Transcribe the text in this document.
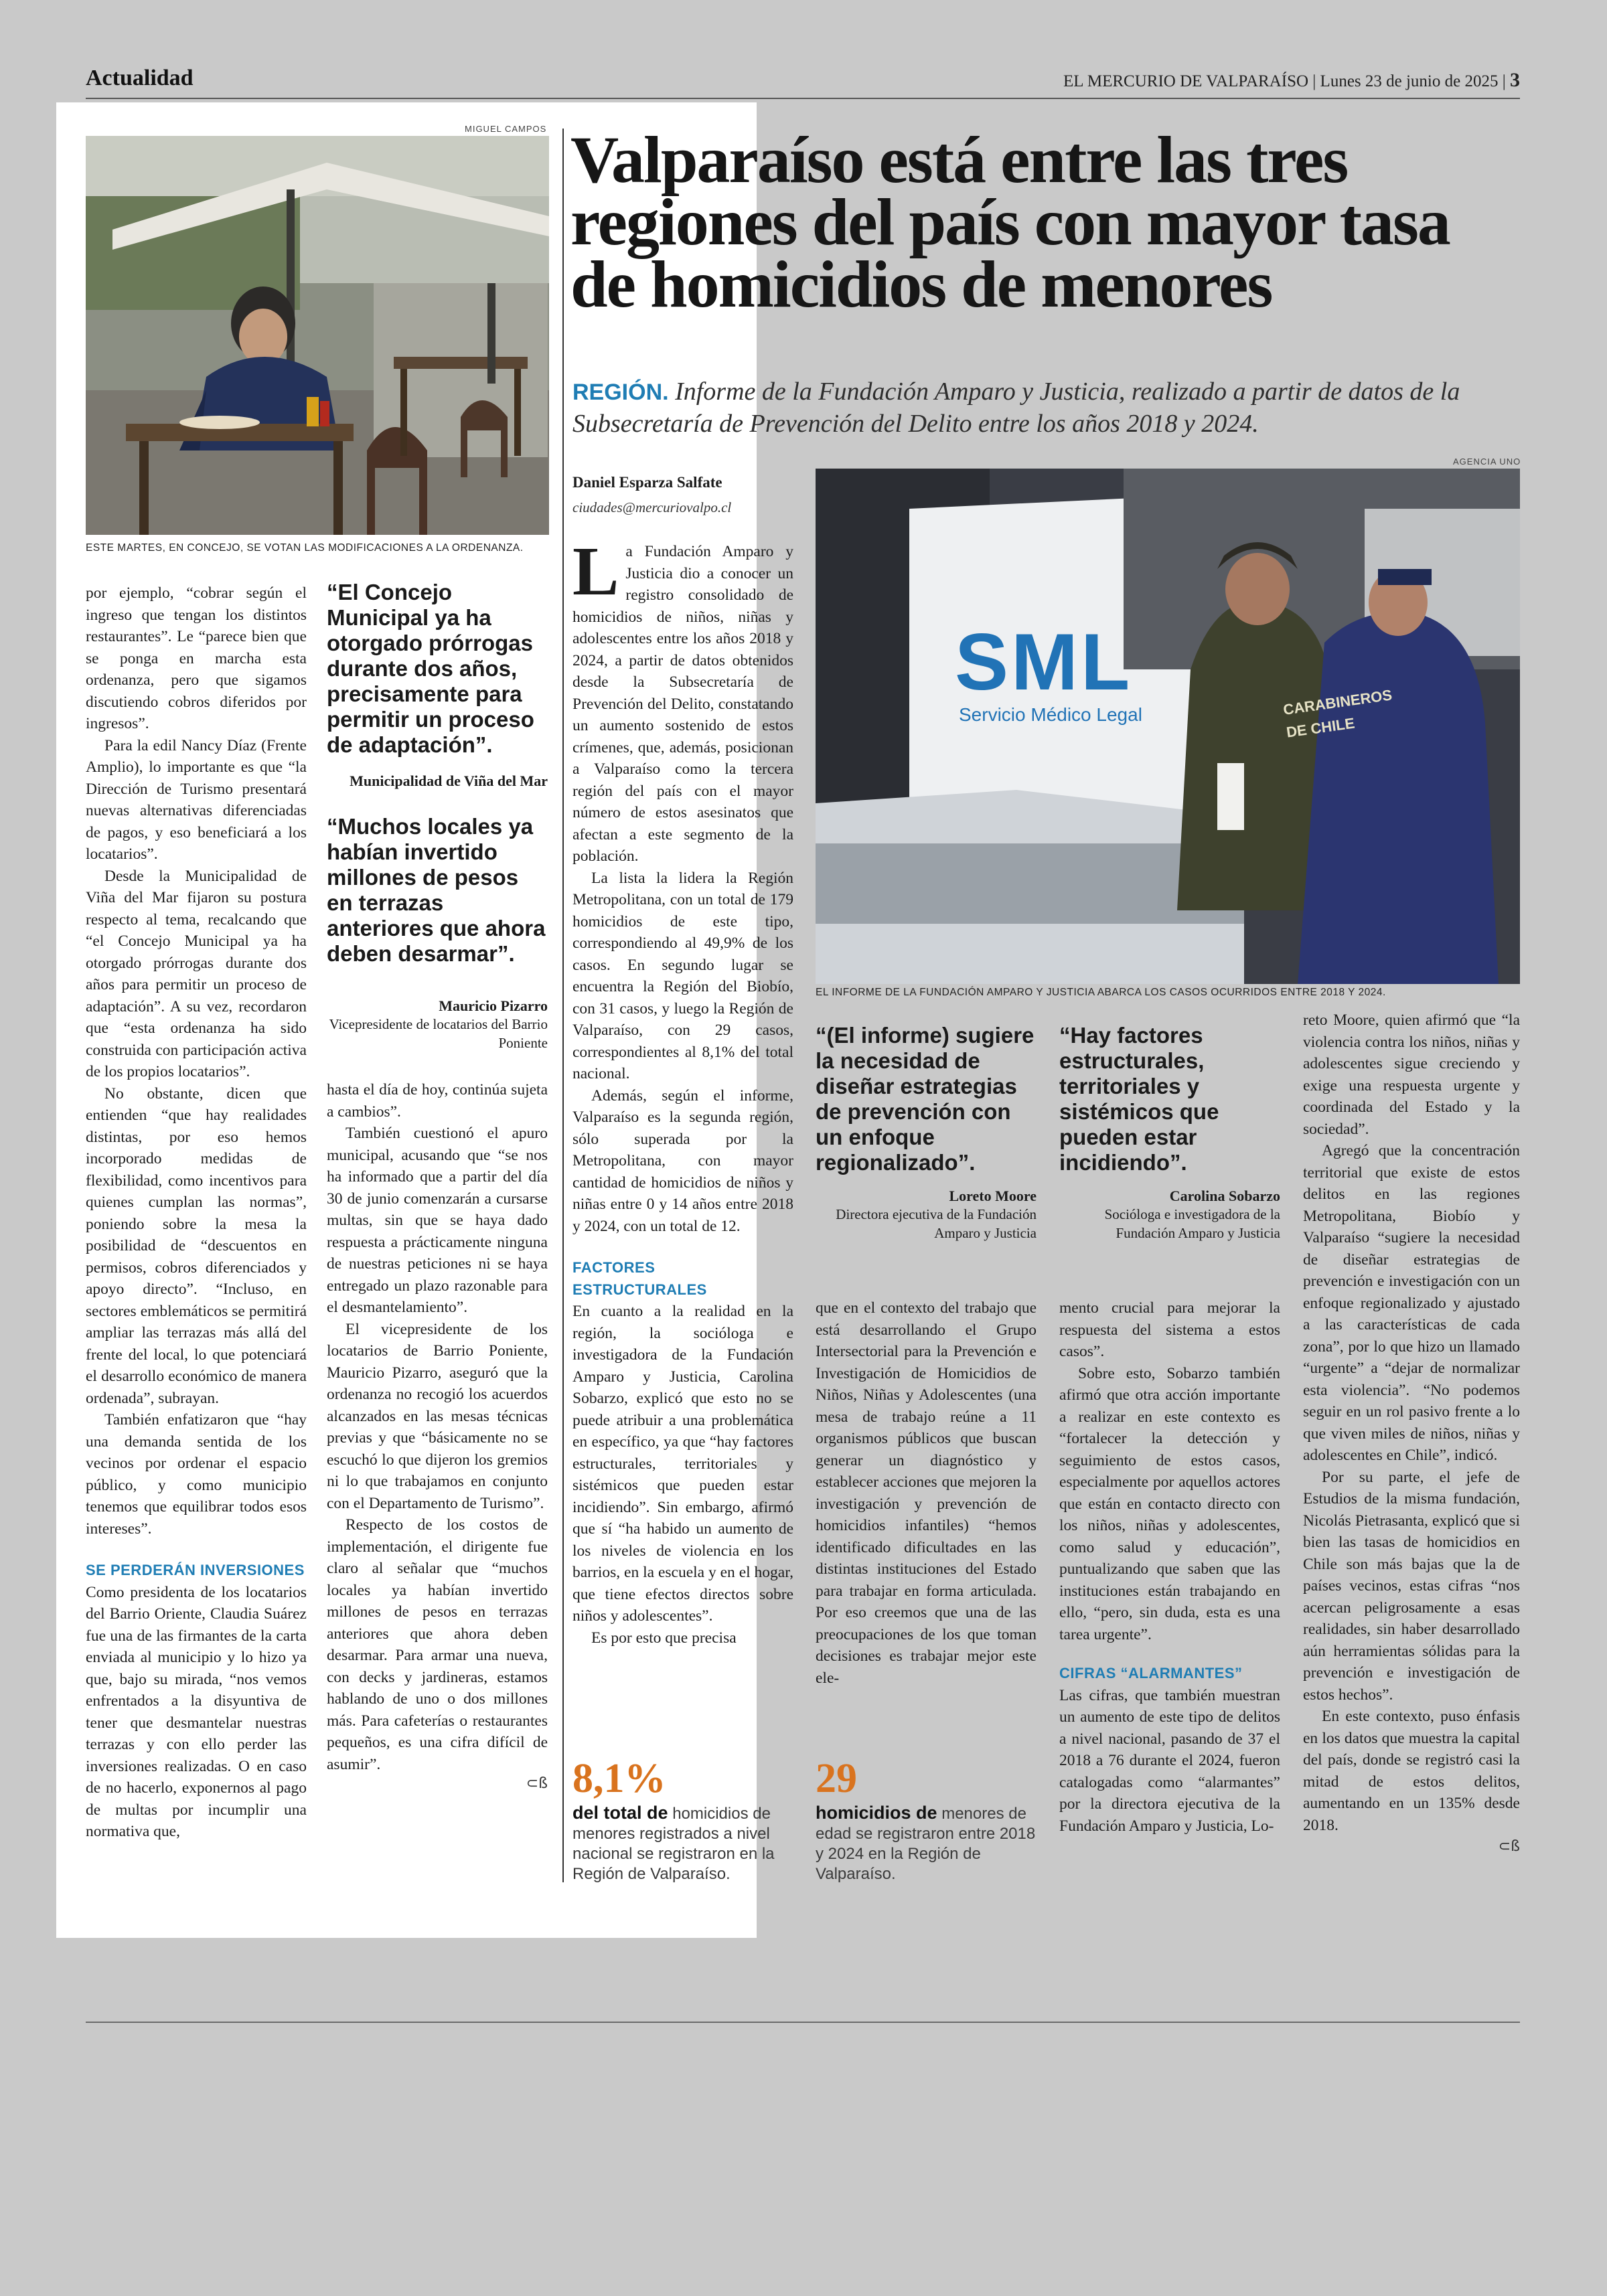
Actualidad	EL MERCURIO DE VALPARAÍSO | Lunes 23 de junio de 2025 | 3
MIGUEL CAMPOS
ESTE MARTES, EN CONCEJO, SE VOTAN LAS MODIFICACIONES A LA ORDENANZA.

por ejemplo, “cobrar según el ingreso que tengan los distintos restaurantes”. Le “parece bien que se ponga en marcha esta ordenanza, pero que sigamos discutiendo cobros diferidos por ingresos”.

Para la edil Nancy Díaz (Frente Amplio), lo importante es que “la Dirección de Turismo presentará nuevas alternativas diferenciadas de pagos, y eso beneficiará a los locatarios”.

Desde la Municipalidad de Viña del Mar fijaron su postura respecto al tema, recalcando que “el Concejo Municipal ya ha otorgado prórrogas durante dos años para permitir un proceso de adaptación”. A su vez, recordaron que “esta ordenanza ha sido construida con participación activa de los propios locatarios”.

No obstante, dicen que entienden “que hay realidades distintas, por eso hemos incorporado medidas de flexibilidad, como incentivos para quienes cumplan las normas”, poniendo sobre la mesa la posibilidad de “descuentos en permisos, cobros diferenciados y apoyo directo”. “Incluso, en sectores emblemáticos se permitirá ampliar las terrazas más allá del frente del local, lo que potenciará el desarrollo económico de manera ordenada”, subrayan.

También enfatizaron que “hay una demanda sentida de los vecinos por ordenar el espacio público, y como municipio tenemos que equilibrar todos esos intereses”.

SE PERDERÁN INVERSIONES

Como presidenta de los locatarios del Barrio Oriente, Claudia Suárez fue una de las firmantes de la carta enviada al municipio y lo hizo ya que, bajo su mirada, “nos vemos enfrentados a la disyuntiva de tener que desmantelar nuestras terrazas y con ello perder las inversiones realizadas. O en caso de no hacerlo, exponernos al pago de multas por incumplir una normativa que,

“El Concejo Municipal ya ha otorgado prórrogas durante dos años, precisamente para permitir un proceso de adaptación”.
Municipalidad de Viña del Mar
“Muchos locales ya habían invertido millones de pesos en terrazas anteriores que ahora deben desarmar”.
Mauricio Pizarro
Vicepresidente de locatarios del Barrio Poniente

hasta el día de hoy, continúa sujeta a cambios”.

También cuestionó el apuro municipal, acusando que “se nos ha informado que a partir del día 30 de junio comenzarán a cursarse multas, sin que se haya dado respuesta a prácticamente ninguna de nuestras peticiones ni se haya entregado un plazo razonable para el desmantelamiento”.

El vicepresidente de los locatarios de Barrio Poniente, Mauricio Pizarro, aseguró que la ordenanza no recogió los acuerdos alcanzados en las mesas técnicas previas y que “básicamente no se escuchó lo que dijeron los gremios ni lo que trabajamos en conjunto con el Departamento de Turismo”.

Respecto de los costos de implementación, el dirigente fue claro al señalar que “muchos locales ya habían invertido millones de pesos en terrazas anteriores que ahora deben desarmar. Para armar una nueva, con decks y jardineras, estamos hablando de uno o dos millones más. Para cafeterías o restaurantes pequeños, es una cifra difícil de asumir”.

⊂ß
Valparaíso está entre las tres regiones del país con mayor tasa de homicidios de menores
REGIÓN. Informe de la Fundación Amparo y Justicia, realizado a partir de datos de la Subsecretaría de Prevención del Delito entre los años 2018 y 2024.
Daniel Esparza Salfate
ciudades@mercuriovalpo.cl
AGENCIA UNO
SML
Servicio Médico Legal	CARABINEROS DE CHILE
EL INFORME DE LA FUNDACIÓN AMPARO Y JUSTICIA ABARCA LOS CASOS OCURRIDOS ENTRE 2018 Y 2024.

La Fundación Amparo y Justicia dio a conocer un registro consolidado de homicidios de niños, niñas y adolescentes entre los años 2018 y 2024, a partir de datos obtenidos desde la Subsecretaría de Prevención del Delito, constatando un aumento sostenido de estos crímenes, que, además, posicionan a Valparaíso como la tercera región del país con el mayor número de estos asesinatos que afectan a este segmento de la población.

La lista la lidera la Región Metropolitana, con un total de 179 homicidios de este tipo, correspondiendo al 49,9% de los casos. En segundo lugar se encuentra la Región del Biobío, con 31 casos, y luego la Región de Valparaíso, con 29 casos, correspondientes al 8,1% del total nacional.

Además, según el informe, Valparaíso es la segunda región, sólo superada por la Metropolitana, con mayor cantidad de homicidios de niños y niñas entre 0 y 14 años entre 2018 y 2024, con un total de 12.

FACTORES ESTRUCTURALES

En cuanto a la realidad en la región, la socióloga e investigadora de la Fundación Amparo y Justicia, Carolina Sobarzo, explicó que esto no se puede atribuir a una problemática en específico, ya que “hay factores estructurales, territoriales y sistémicos que pueden estar incidiendo”. Sin embargo, afirmó que sí “ha habido un aumento de los niveles de violencia en los barrios, en la escuela y en el hogar, que tiene efectos directos sobre niños y adolescentes”.

Es por esto que precisa

“(El informe) sugiere la necesidad de diseñar estrategias de prevención con un enfoque regionalizado”.
Loreto Moore
Directora ejecutiva de la Fundación Amparo y Justicia
“Hay factores estructurales, territoriales y sistémicos que pueden estar incidiendo”.
Carolina Sobarzo
Socióloga e investigadora de la Fundación Amparo y Justicia

que en el contexto del trabajo que está desarrollando el Grupo Intersectorial para la Prevención e Investigación de Homicidios de Niños, Niñas y Adolescentes (una mesa de trabajo reúne a 11 organismos públicos que buscan generar un diagnóstico y establecer acciones que mejoren la investigación y prevención de homicidios infantiles) “hemos identificado dificultades en las distintas instituciones del Estado para trabajar en forma articulada. Por eso creemos que una de las preocupaciones de los que toman decisiones es trabajar mejor este ele-

mento crucial para mejorar la respuesta del sistema a estos casos”.

Sobre esto, Sobarzo también afirmó que otra acción importante a realizar en este contexto es “fortalecer la detección y seguimiento de estos casos, especialmente por aquellos actores que están en contacto directo con los niños, niñas y adolescentes, como salud y educación”, puntualizando que saben que las instituciones están trabajando en ello, “pero, sin duda, esta es una tarea urgente”.

CIFRAS “ALARMANTES”

Las cifras, que también muestran un aumento de este tipo de delitos a nivel nacional, pasando de 37 el 2018 a 76 durante el 2024, fueron catalogadas como “alarmantes” por la directora ejecutiva de la Fundación Amparo y Justicia, Lo-

reto Moore, quien afirmó que “la violencia contra los niños, niñas y adolescentes sigue creciendo y exige una respuesta urgente y coordinada del Estado y la sociedad”.

Agregó que la concentración territorial que existe de estos delitos en las regiones Metropolitana, Biobío y Valparaíso “sugiere la necesidad de diseñar estrategias de prevención e investigación con un enfoque regionalizado y ajustado a las características de cada zona”, por lo que hizo un llamado “urgente” a “dejar de normalizar esta violencia”. “No podemos seguir en un rol pasivo frente a lo que viven miles de niños, niñas y adolescentes en Chile”, indicó.

Por su parte, el jefe de Estudios de la misma fundación, Nicolás Pietrasanta, explicó que si bien las tasas de homicidios en Chile son más bajas que la de países vecinos, estas cifras “nos acercan peligrosamente a esas realidades, sin haber desarrollado aún herramientas sólidas para la prevención e investigación de estos hechos”.

En este contexto, puso énfasis en los datos que muestra la capital del país, donde se registró casi la mitad de estos delitos, aumentando en un 135% desde 2018.

⊂ß
8,1%
del total de homicidios de menores registrados a nivel nacional se registraron en la Región de Valparaíso.
29
homicidios de menores de edad se registraron entre 2018 y 2024 en la Región de Valparaíso.
